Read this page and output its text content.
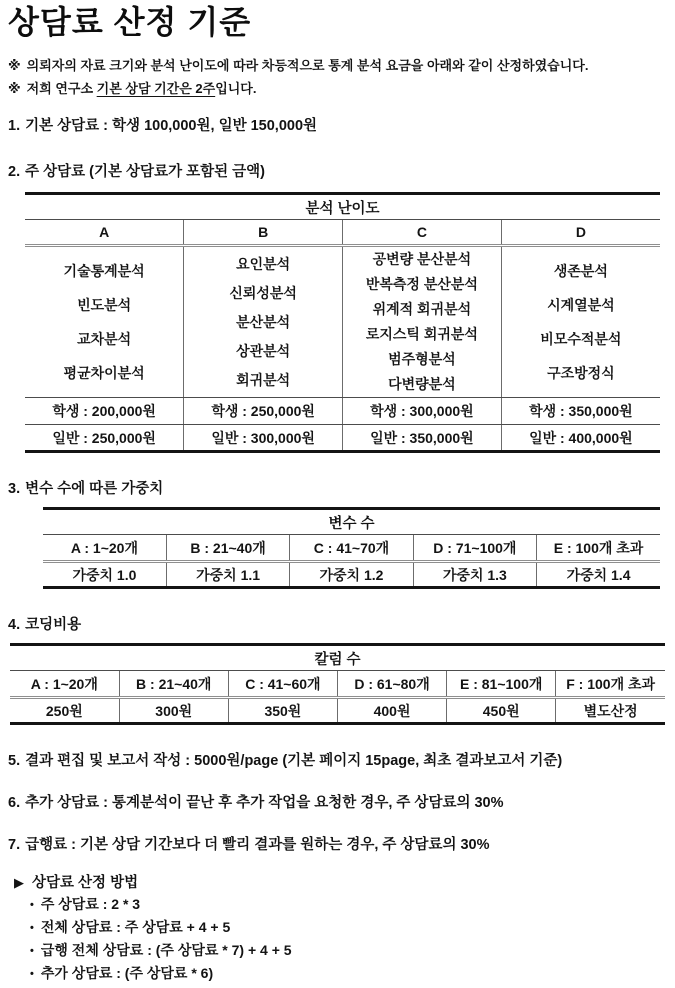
상담료 산정 기준
※ 의뢰자의 자료 크기와 분석 난이도에 따라 차등적으로 통계 분석 요금을 아래와 같이 산정하였습니다.
※ 저희 연구소 기본 상담 기간은 2주입니다.
1. 기본 상담료 : 학생 100,000원, 일반 150,000원
2. 주 상담료 (기본 상담료가 포함된 금액)
분석 난이도			
A	B	C	D

기술통계분석
빈도분석
교차분석
평균차이분석

요인분석
신뢰성분석
분산분석
상관분석
회귀분석

공변량 분산분석
반복측정 분산분석
위계적 회귀분석
로지스틱 회귀분석
범주형분석
다변량분석

생존분석
시계열분석
비모수적분석
구조방정식

학생 : 200,000원	학생 : 250,000원	학생 : 300,000원	학생 : 350,000원
일반 : 250,000원	일반 : 300,000원	일반 : 350,000원	일반 : 400,000원
3. 변수 수에 따른 가중치
변수 수				
A : 1~20개	B : 21~40개	C : 41~70개	D : 71~100개	E : 100개 초과
가중치 1.0	가중치 1.1	가중치 1.2	가중치 1.3	가중치 1.4
4. 코딩비용
칼럼 수					
A : 1~20개	B : 21~40개	C : 41~60개	D : 61~80개	E : 81~100개	F : 100개 초과
250원	300원	350원	400원	450원	별도산정
5. 결과 편집 및 보고서 작성 : 5000원/page (기본 페이지 15page, 최초 결과보고서 기준)
6. 추가 상담료 : 통계분석이 끝난 후 추가 작업을 요청한 경우, 주 상담료의 30%
7. 급행료 : 기본 상담 기간보다 더 빨리 결과를 원하는 경우, 주 상담료의 30%
▶ 상담료 산정 방법
• 주 상담료 : 2 * 3
• 전체 상담료 : 주 상담료 + 4 + 5
• 급행 전체 상담료 : (주 상담료 * 7) + 4 + 5
• 추가 상담료 : (주 상담료 * 6)
